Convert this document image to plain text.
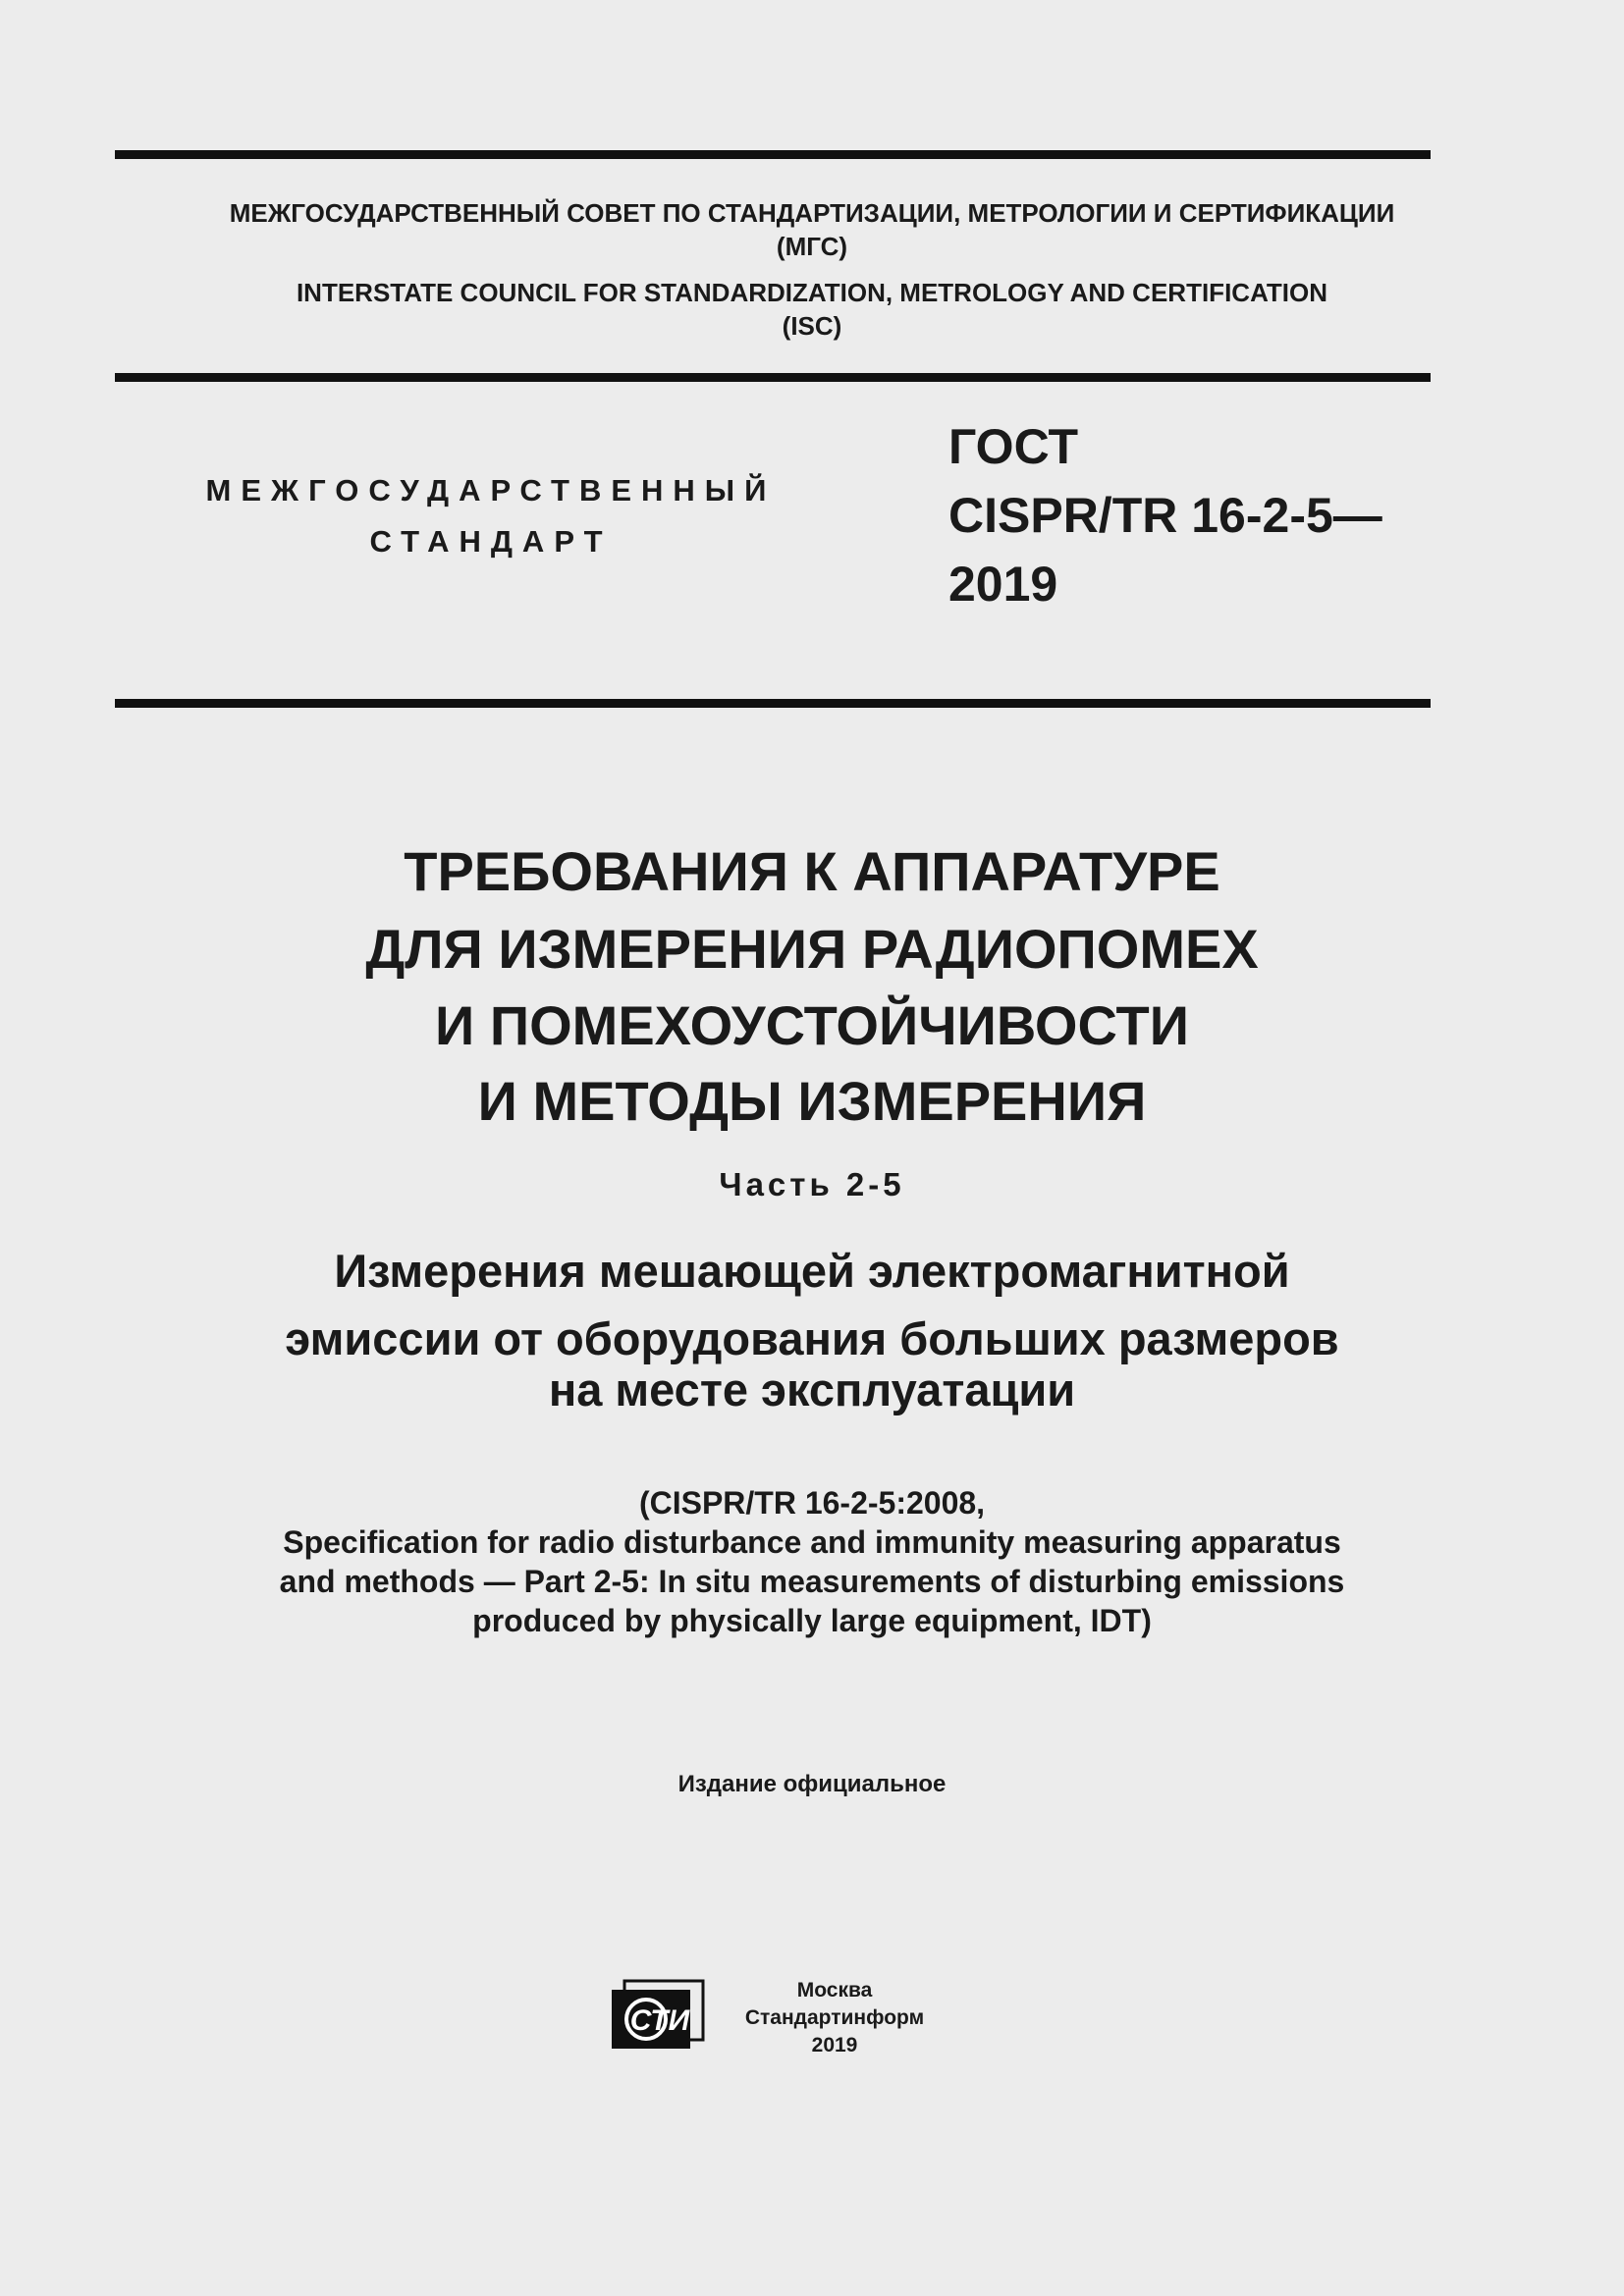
МЕЖГОСУДАРСТВЕННЫЙ СОВЕТ ПО СТАНДАРТИЗАЦИИ, МЕТРОЛОГИИ И СЕРТИФИКАЦИИ
(МГС)
INTERSTATE COUNCIL FOR STANDARDIZATION, METROLOGY AND CERTIFICATION
(ISC)
МЕЖГОСУДАРСТВЕННЫЙ
СТАНДАРТ
ГОСТ
CISPR/TR 16-2-5—
2019
ТРЕБОВАНИЯ К АППАРАТУРЕ
ДЛЯ ИЗМЕРЕНИЯ РАДИОПОМЕХ
И ПОМЕХОУСТОЙЧИВОСТИ
И МЕТОДЫ ИЗМЕРЕНИЯ
Часть 2-5
Измерения мешающей электромагнитной
эмиссии от оборудования больших размеров
на месте эксплуатации
(CISPR/TR 16-2-5:2008,
Specification for radio disturbance and immunity measuring apparatus
and methods — Part 2-5: In situ measurements of disturbing emissions
produced by physically large equipment, IDT)
Издание официальное
СТИ
Москва
Стандартинформ
2019
